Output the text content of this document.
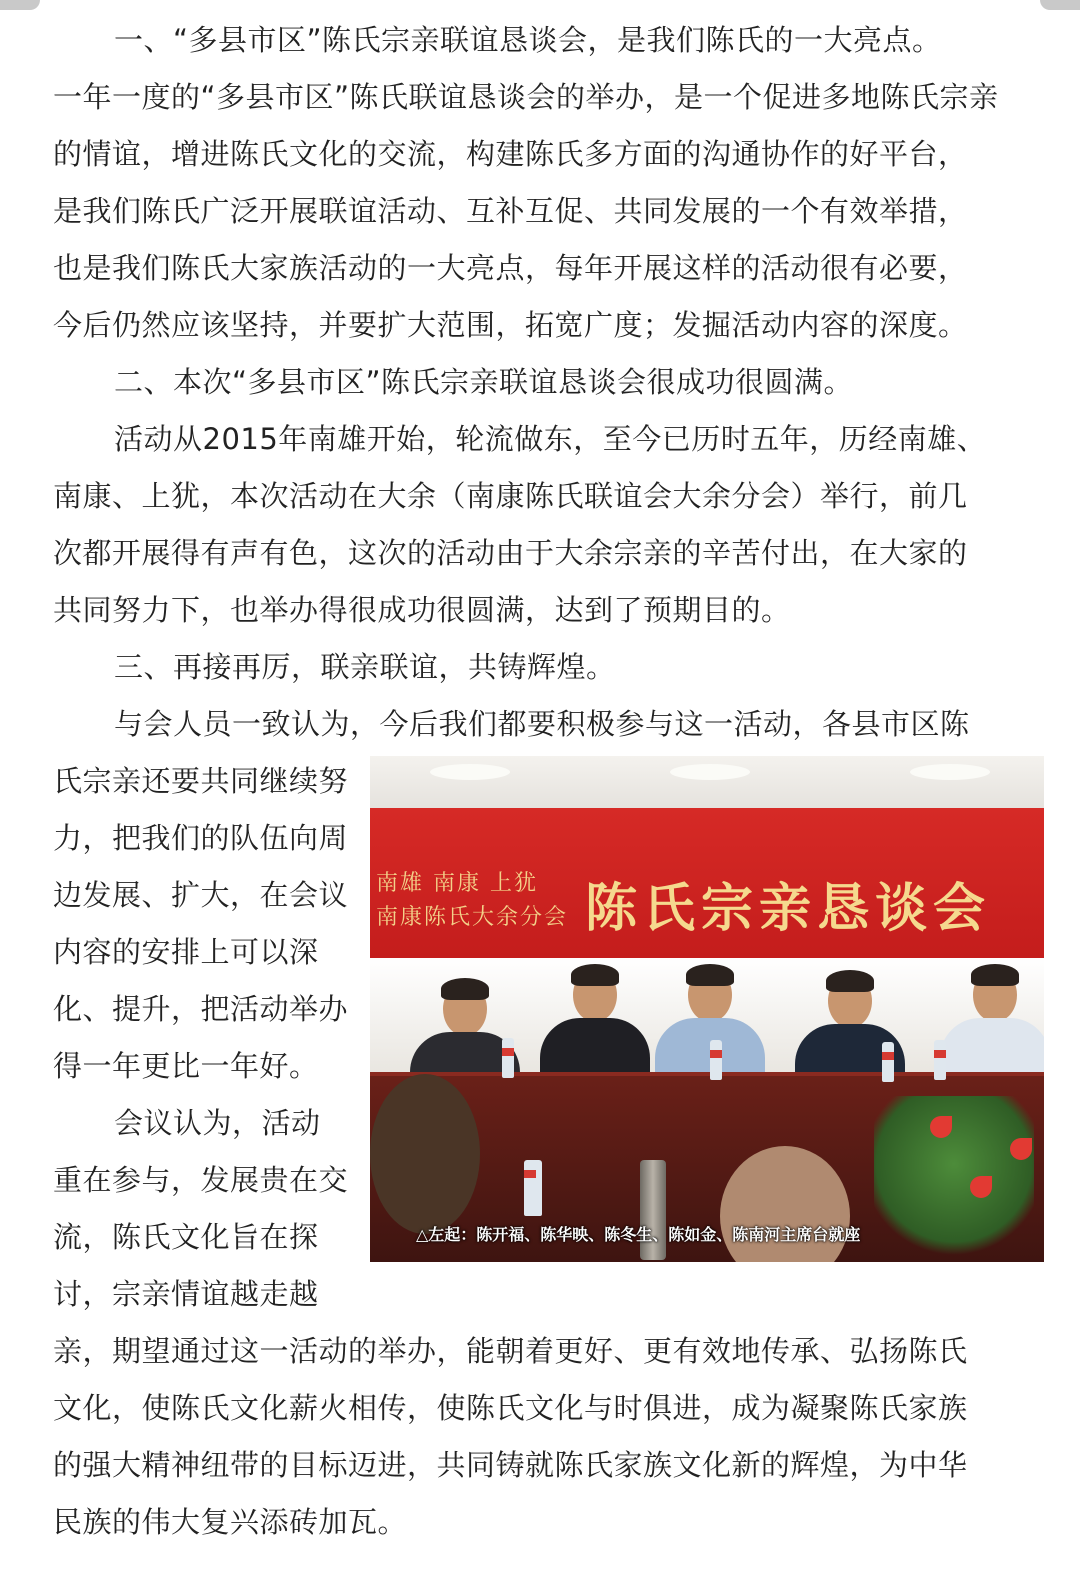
一、“多县市区”陈氏宗亲联谊恳谈会，是我们陈氏的一大亮点。
一年一度的“多县市区”陈氏联谊恳谈会的举办，是一个促进多地陈氏宗亲
的情谊，增进陈氏文化的交流，构建陈氏多方面的沟通协作的好平台，
是我们陈氏广泛开展联谊活动、互补互促、共同发展的一个有效举措，
也是我们陈氏大家族活动的一大亮点，每年开展这样的活动很有必要，
今后仍然应该坚持，并要扩大范围，拓宽广度；发掘活动内容的深度。
二、本次“多县市区”陈氏宗亲联谊恳谈会很成功很圆满。
活动从2015年南雄开始，轮流做东，至今已历时五年，历经南雄、
南康、上犹，本次活动在大余（南康陈氏联谊会大余分会）举行，前几
次都开展得有声有色，这次的活动由于大余宗亲的辛苦付出，在大家的
共同努力下，也举办得很成功很圆满，达到了预期目的。
三、再接再厉，联亲联谊，共铸辉煌。
与会人员一致认为，今后我们都要积极参与这一活动，各县市区陈
氏宗亲还要共同继续努
力，把我们的队伍向周
边发展、扩大，在会议
内容的安排上可以深
化、提升，把活动举办
得一年更比一年好。
会议认为，活动
重在参与，发展贵在交
流，陈氏文化旨在探
讨，宗亲情谊越走越
亲，期望通过这一活动的举办，能朝着更好、更有效地传承、弘扬陈氏
文化，使陈氏文化薪火相传，使陈氏文化与时俱进，成为凝聚陈氏家族
的强大精神纽带的目标迈进，共同铸就陈氏家族文化新的辉煌，为中华
民族的伟大复兴添砖加瓦。
南雄 南康 上犹
南康陈氏大余分会 陈氏宗亲恳谈会
△左起：陈开福、陈华映、陈冬生、陈如金、陈南河主席台就座
